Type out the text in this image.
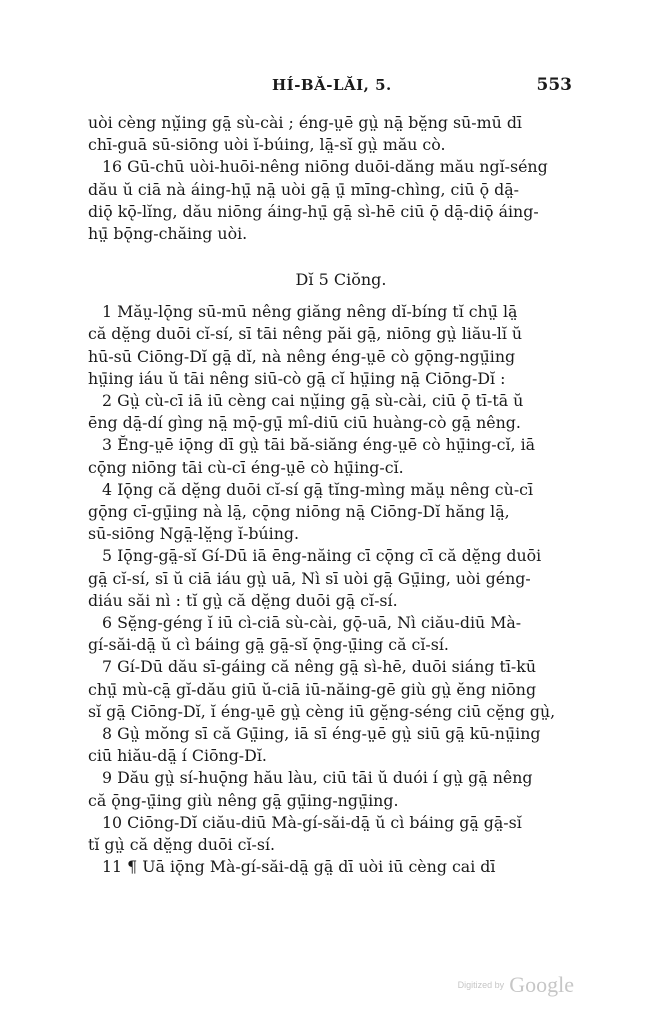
HÍ-BĂ-LĂI, 5.	553
uòi cèng nṳ̆ing gā̤ sù-cài ; éng-ṳē gṳ̀ nā̤ bĕ̤ng sū-mū dī
chī-guā sū-siōng uòi ĭ-búing, lā̤-sĭ gṳ̀ mău cò.
16 Gū-chū uòi-huōi-nêng niōng duōi-dăng mău ngĭ-séng
dău ŭ ciā nà áing-hṳ̄ nā̤ uòi gā̤ ṳ̄ mīng-chìng, ciū ǭ dā̤-
diǭ kǭ-lĭng, dău niōng áing-hṳ̄ gā̤ sì-hē ciū ǭ dā̤-diǭ áing-
hṳ̄ bǭng-chăing uòi.
Dĭ 5 Ciŏng.
1 Măṳ-lǭng sū-mū nêng giăng nêng dĭ-bíng tĭ chṳ̄ lā̤
că dĕ̤ng duōi cĭ-sí, sī tāi nêng păi gā̤, niōng gṳ̀ liău-lĭ ŭ
hū-sū Ciōng-Dĭ gā̤ dĭ, nà nêng éng-ṳē cò gǭng-ngṳ̄ing
hṳ̄ing iáu ŭ tāi nêng siū-cò gā̤ cĭ hṳ̄ing nā̤ Ciōng-Dĭ :
2 Gṳ̀ cù-cī iā iū cèng cai nṳ̆ing gā̤ sù-cài, ciū ǭ tī-tā ŭ
ēng dā̤-dí gìng nā̤ mǭ-gṳ̄ mî-diū ciū huàng-cò gā̤ nêng.
3 Ĕng-ṳē iǭng dī gṳ̀ tāi bă-siăng éng-ṳē cò hṳ̄ing-cĭ, iā
cǭng niōng tāi cù-cī éng-ṳē cò hṳ̄ing-cĭ.
4 Iǭng că dĕ̤ng duōi cĭ-sí gā̤ tĭng-mìng măṳ nêng cù-cī
gǭng cī-gṳ̄ing nà lā̤, cǭng niōng nā̤ Ciōng-Dĭ hăng lā̤,
sū-siōng Ngā̤-lĕ̤ng ĭ-búing.
5 Iǭng-gā̤-sĭ Gí-Dū iā ēng-năing cī cǭng cī că dĕ̤ng duōi
gā̤ cĭ-sí, sī ŭ ciā iáu gṳ̀ uā, Nì sī uòi gā̤ Gṳ̄ing, uòi géng-
diáu săi nì : tĭ gṳ̀ că dĕ̤ng duōi gā̤ cĭ-sí.
6 Sĕ̤ng-géng ĭ iū cì-ciā sù-cài, gǭ-uā, Nì ciău-diū Mà-
gí-săi-dā̤ ŭ cì báing gā̤ gā̤-sĭ ǭng-ṳ̄ing că cĭ-sí.
7 Gí-Dū dău sī-gáing că nêng gā̤ sì-hē, duōi siáng tī-kū
chṳ̄ mù-cā̤ gĭ-dău giū ŭ-ciā iū-năing-gē giù gṳ̀ ĕng niōng
sĭ gā̤ Ciōng-Dĭ, ĭ éng-ṳē gṳ̀ cèng iū gĕ̤ng-séng ciū cĕ̤ng gṳ̀,
8 Gṳ̀ mŏng sī că Gṳ̄ing, iā sī éng-ṳē gṳ̀ siū gā̤ kū-nṳ̄ing
ciū hiău-dā̤ í Ciōng-Dĭ.
9 Dău gṳ̀ sí-huǭng hău làu, ciū tāi ŭ duói í gṳ̀ gā̤ nêng
că ǭng-ṳ̄ing giù nêng gā̤ gṳ̄ing-ngṳ̄ing.
10 Ciōng-Dĭ ciău-diū Mà-gí-săi-dā̤ ŭ cì báing gā̤ gā̤-sĭ
tĭ gṳ̀ că dĕ̤ng duōi cĭ-sí.
11 ¶ Uā iǭng Mà-gí-săi-dā̤ gā̤ dī uòi iū cèng cai dī
Digitized by Google
